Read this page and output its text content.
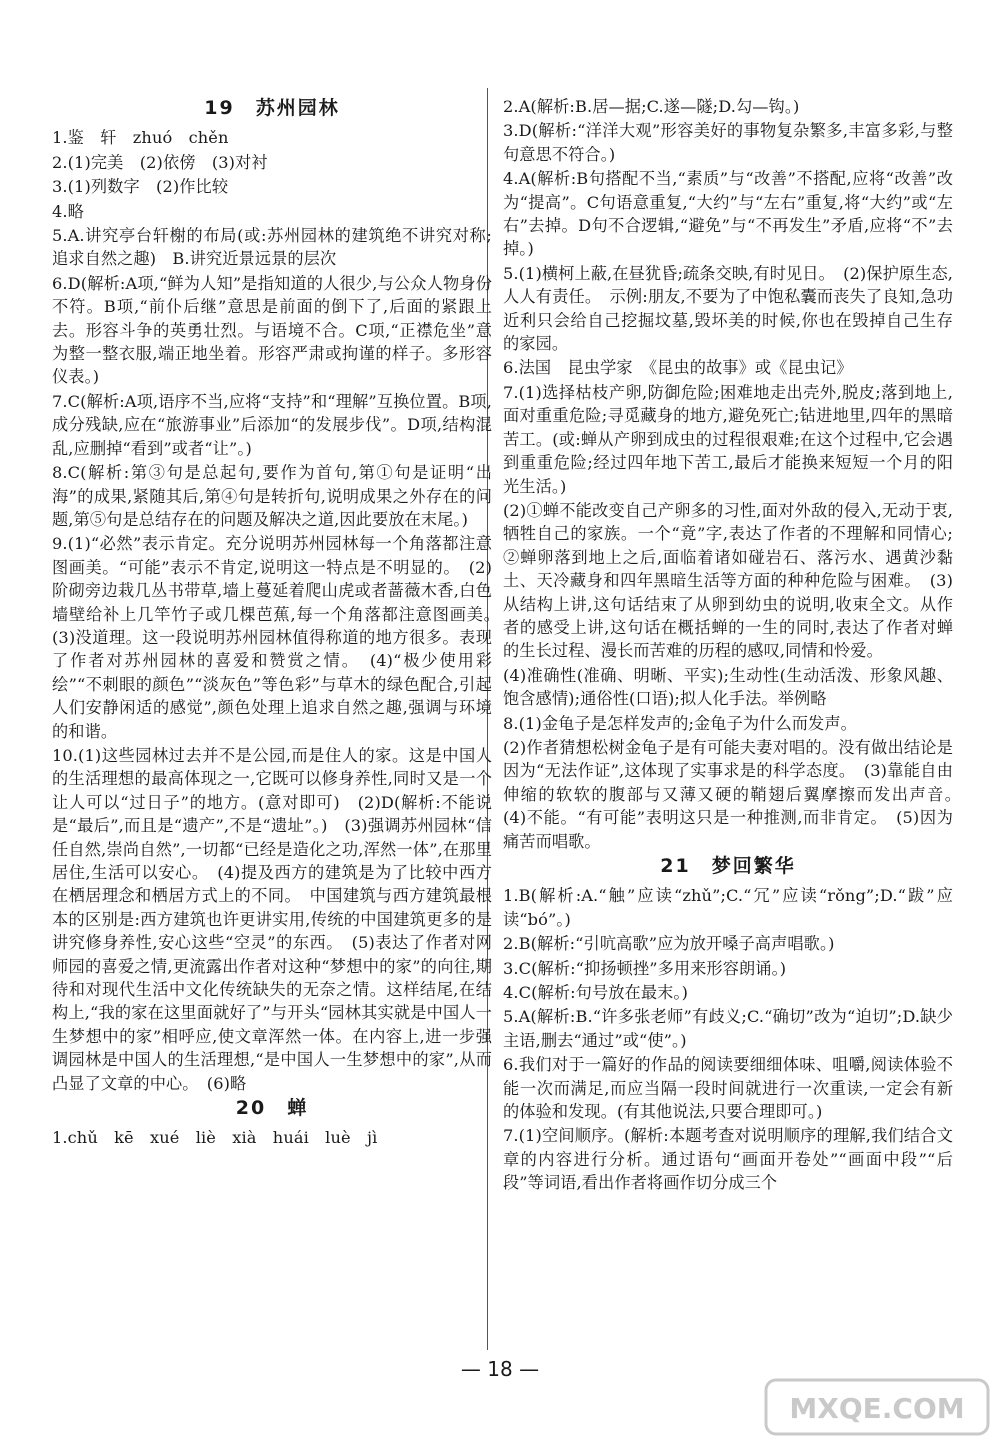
19　苏州园林
1.鉴　轩　zhuó　chěn
2.(1)完美　(2)依傍　(3)对衬
3.(1)列数字　(2)作比较
4.略
5.A.讲究亭台轩榭的布局(或:苏州园林的建筑绝不讲究对称;追求自然之趣)　B.讲究近景远景的层次
6.D(解析:A项,“鲜为人知”是指知道的人很少,与公众人物身份不符。B项,“前仆后继”意思是前面的倒下了,后面的紧跟上去。形容斗争的英勇壮烈。与语境不合。C项,“正襟危坐”意为整一整衣服,端正地坐着。形容严肃或拘谨的样子。多形容仪表。)
7.C(解析:A项,语序不当,应将“支持”和“理解”互换位置。B项,成分残缺,应在“旅游事业”后添加“的发展步伐”。D项,结构混乱,应删掉“看到”或者“让”。)
8.C(解析:第③句是总起句,要作为首句,第①句是证明“出海”的成果,紧随其后,第④句是转折句,说明成果之外存在的问题,第⑤句是总结存在的问题及解决之道,因此要放在末尾。)
9.(1)“必然”表示肯定。充分说明苏州园林每一个角落都注意图画美。“可能”表示不肯定,说明这一特点是不明显的。　(2)阶砌旁边栽几丛书带草,墙上蔓延着爬山虎或者蔷薇木香,白色墙壁给补上几竿竹子或几棵芭蕉,每一个角落都注意图画美。　(3)没道理。这一段说明苏州园林值得称道的地方很多。表现了作者对苏州园林的喜爱和赞赏之情。　(4)“极少使用彩绘”“不刺眼的颜色”“淡灰色”等色彩”与草木的绿色配合,引起人们安静闲适的感觉”,颜色处理上追求自然之趣,强调与环境的和谐。
10.(1)这些园林过去并不是公园,而是住人的家。这是中国人的生活理想的最高体现之一,它既可以修身养性,同时又是一个让人可以“过日子”的地方。(意对即可)　(2)D(解析:不能说是“最后”,而且是“遗产”,不是“遗址”。)　(3)强调苏州园林“信任自然,崇尚自然”,一切都“已经是造化之功,浑然一体”,在那里居住,生活可以安心。　(4)提及西方的建筑是为了比较中西方在栖居理念和栖居方式上的不同。　中国建筑与西方建筑最根本的区别是:西方建筑也许更讲实用,传统的中国建筑更多的是讲究修身养性,安心这些“空灵”的东西。　(5)表达了作者对网师园的喜爱之情,更流露出作者对这种“梦想中的家”的向往,期待和对现代生活中文化传统缺失的无奈之情。这样结尾,在结构上,“我的家在这里面就好了”与开头“园林其实就是中国人一生梦想中的家”相呼应,使文章浑然一体。在内容上,进一步强调园林是中国人的生活理想,“是中国人一生梦想中的家”,从而凸显了文章的中心。　(6)略
20　蝉
1.chǔ　kē　xué　liè　xià　huái　luè　jì
2.A(解析:B.居—据;C.遂—隧;D.勾—钩。)
3.D(解析:“洋洋大观”形容美好的事物复杂繁多,丰富多彩,与整句意思不符合。)
4.A(解析:B句搭配不当,“素质”与“改善”不搭配,应将“改善”改为“提高”。C句语意重复,“大约”与“左右”重复,将“大约”或“左右”去掉。D句不合逻辑,“避免”与“不再发生”矛盾,应将“不”去掉。)
5.(1)横柯上蔽,在昼犹昏;疏条交映,有时见日。　(2)保护原生态,人人有责任。　示例:朋友,不要为了中饱私囊而丧失了良知,急功近利只会给自己挖掘坟墓,毁坏美的时候,你也在毁掉自己生存的家园。
6.法国　昆虫学家　《昆虫的故事》或《昆虫记》
7.(1)选择枯枝产卵,防御危险;困难地走出壳外,脱皮;落到地上,面对重重危险;寻觅藏身的地方,避免死亡;钻进地里,四年的黑暗苦工。(或:蝉从产卵到成虫的过程很艰难;在这个过程中,它会遇到重重危险;经过四年地下苦工,最后才能换来短短一个月的阳光生活。)
(2)①蝉不能改变自己产卵多的习性,面对外敌的侵入,无动于衷,牺牲自己的家族。一个“竟”字,表达了作者的不理解和同情心;　②蝉卵落到地上之后,面临着诸如碰岩石、落污水、遇黄沙黏土、天冷藏身和四年黑暗生活等方面的种种危险与困难。　(3)从结构上讲,这句话结束了从卵到幼虫的说明,收束全文。从作者的感受上讲,这句话在概括蝉的一生的同时,表达了作者对蝉的生长过程、漫长而苦难的历程的感叹,同情和怜爱。
(4)准确性(准确、明晰、平实);生动性(生动活泼、形象风趣、饱含感情);通俗性(口语);拟人化手法。举例略
8.(1)金龟子是怎样发声的;金龟子为什么而发声。
(2)作者猜想松树金龟子是有可能夫妻对唱的。没有做出结论是因为“无法作证”,这体现了实事求是的科学态度。　(3)靠能自由伸缩的软软的腹部与又薄又硬的鞘翅后翼摩擦而发出声音。　(4)不能。“有可能”表明这只是一种推测,而非肯定。　(5)因为痛苦而唱歌。
21　梦回繁华
1.B(解析:A.“触”应读“zhǔ”;C.“冗”应读“rǒng”;D.“跋”应读“bó”。)
2.B(解析:“引吭高歌”应为放开嗓子高声唱歌。)
3.C(解析:“抑扬顿挫”多用来形容朗诵。)
4.C(解析:句号放在最末。)
5.A(解析:B.“许多张老师”有歧义;C.“确切”改为“迫切”;D.缺少主语,删去“通过”或“使”。)
6.我们对于一篇好的作品的阅读要细细体味、咀嚼,阅读体验不能一次而满足,而应当隔一段时间就进行一次重读,一定会有新的体验和发现。(有其他说法,只要合理即可。)
7.(1)空间顺序。(解析:本题考查对说明顺序的理解,我们结合文章的内容进行分析。通过语句“画面开卷处”“画面中段”“后段”等词语,看出作者将画作切分成三个
— 18 —
MXQE.COM
